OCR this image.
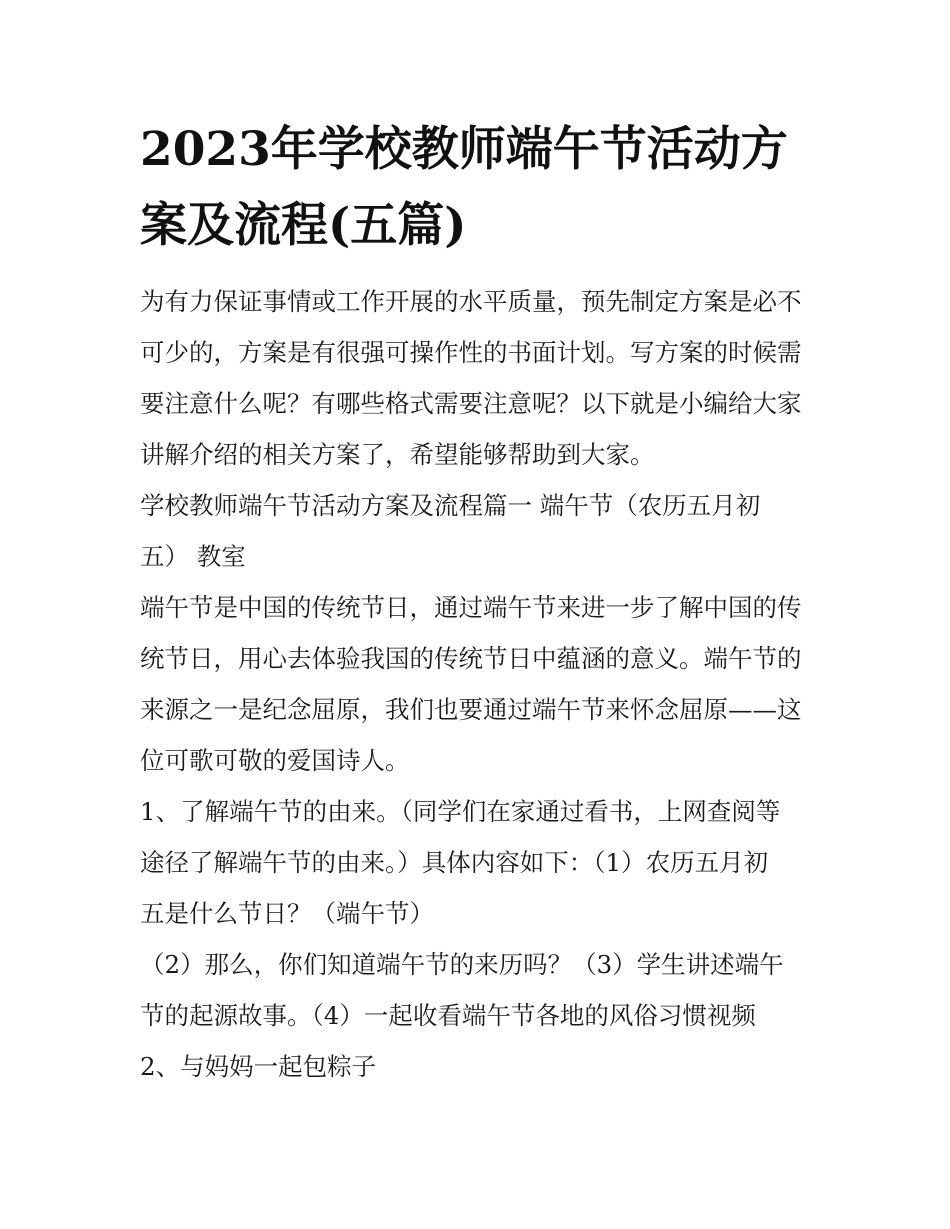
2023年学校教师端午节活动方
案及流程(五篇)
为有力保证事情或工作开展的水平质量，预先制定方案是必不
可少的，方案是有很强可操作性的书面计划。写方案的时候需
要注意什么呢？有哪些格式需要注意呢？以下就是小编给大家
讲解介绍的相关方案了，希望能够帮助到大家。
学校教师端午节活动方案及流程篇一 端午节（农历五月初
五） 教室
端午节是中国的传统节日，通过端午节来进一步了解中国的传
统节日，用心去体验我国的传统节日中蕴涵的意义。端午节的
来源之一是纪念屈原，我们也要通过端午节来怀念屈原——这
位可歌可敬的爱国诗人。
1、了解端午节的由来。（同学们在家通过看书，上网查阅等
途径了解端午节的由来。）具体内容如下：（1）农历五月初
五是什么节日？（端午节）
（2）那么，你们知道端午节的来历吗？（3）学生讲述端午
节的起源故事。（4）一起收看端午节各地的风俗习惯视频
2、与妈妈一起包粽子
